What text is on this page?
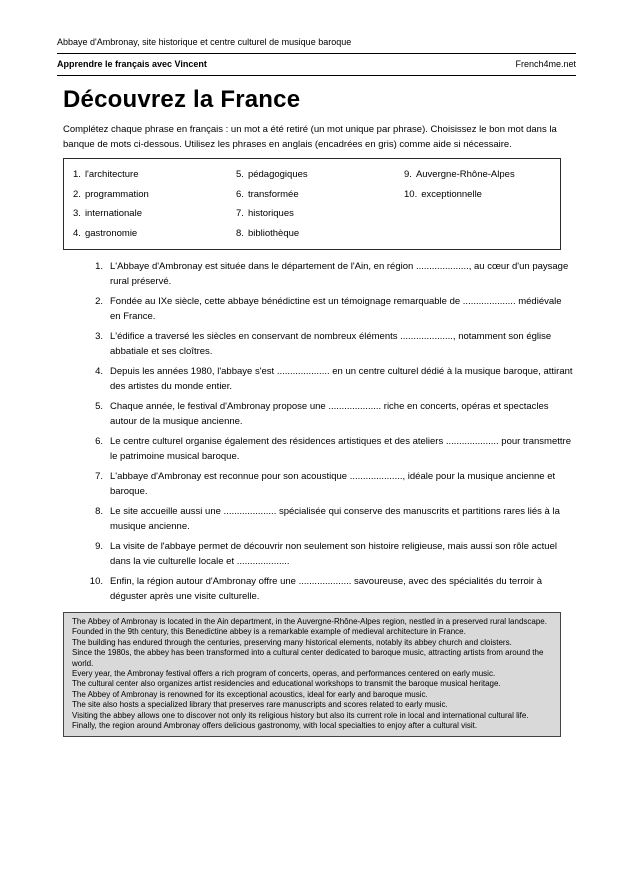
Abbaye d'Ambronay, site historique et centre culturel de musique baroque
Apprendre le français avec Vincent	French4me.net
Découvrez la France
Complétez chaque phrase en français : un mot a été retiré (un mot unique par phrase). Choisissez le bon mot dans la banque de mots ci-dessous. Utilisez les phrases en anglais (encadrées en gris) comme aide si nécessaire.
1. l'architecture
2. programmation
3. internationale
4. gastronomie
5. pédagogiques
6. transformée
7. historiques
8. bibliothèque
9. Auvergne-Rhône-Alpes
10. exceptionnelle
1. L'Abbaye d'Ambronay est située dans le département de l'Ain, en région ...................., au cœur d'un paysage rural préservé.
2. Fondée au IXe siècle, cette abbaye bénédictine est un témoignage remarquable de .................... médiévale en France.
3. L'édifice a traversé les siècles en conservant de nombreux éléments ...................., notamment son église abbatiale et ses cloîtres.
4. Depuis les années 1980, l'abbaye s'est .................... en un centre culturel dédié à la musique baroque, attirant des artistes du monde entier.
5. Chaque année, le festival d'Ambronay propose une .................... riche en concerts, opéras et spectacles autour de la musique ancienne.
6. Le centre culturel organise également des résidences artistiques et des ateliers .................... pour transmettre le patrimoine musical baroque.
7. L'abbaye d'Ambronay est reconnue pour son acoustique ...................., idéale pour la musique ancienne et baroque.
8. Le site accueille aussi une .................... spécialisée qui conserve des manuscrits et partitions rares liés à la musique ancienne.
9. La visite de l'abbaye permet de découvrir non seulement son histoire religieuse, mais aussi son rôle actuel dans la vie culturelle locale et ....................
10. Enfin, la région autour d'Ambronay offre une .................... savoureuse, avec des spécialités du terroir à déguster après une visite culturelle.
The Abbey of Ambronay is located in the Ain department, in the Auvergne-Rhône-Alpes region, nestled in a preserved rural landscape.
Founded in the 9th century, this Benedictine abbey is a remarkable example of medieval architecture in France.
The building has endured through the centuries, preserving many historical elements, notably its abbey church and cloisters.
Since the 1980s, the abbey has been transformed into a cultural center dedicated to baroque music, attracting artists from around the world.
Every year, the Ambronay festival offers a rich program of concerts, operas, and performances centered on early music.
The cultural center also organizes artist residencies and educational workshops to transmit the baroque musical heritage.
The Abbey of Ambronay is renowned for its exceptional acoustics, ideal for early and baroque music.
The site also hosts a specialized library that preserves rare manuscripts and scores related to early music.
Visiting the abbey allows one to discover not only its religious history but also its current role in local and international cultural life.
Finally, the region around Ambronay offers delicious gastronomy, with local specialties to enjoy after a cultural visit.
